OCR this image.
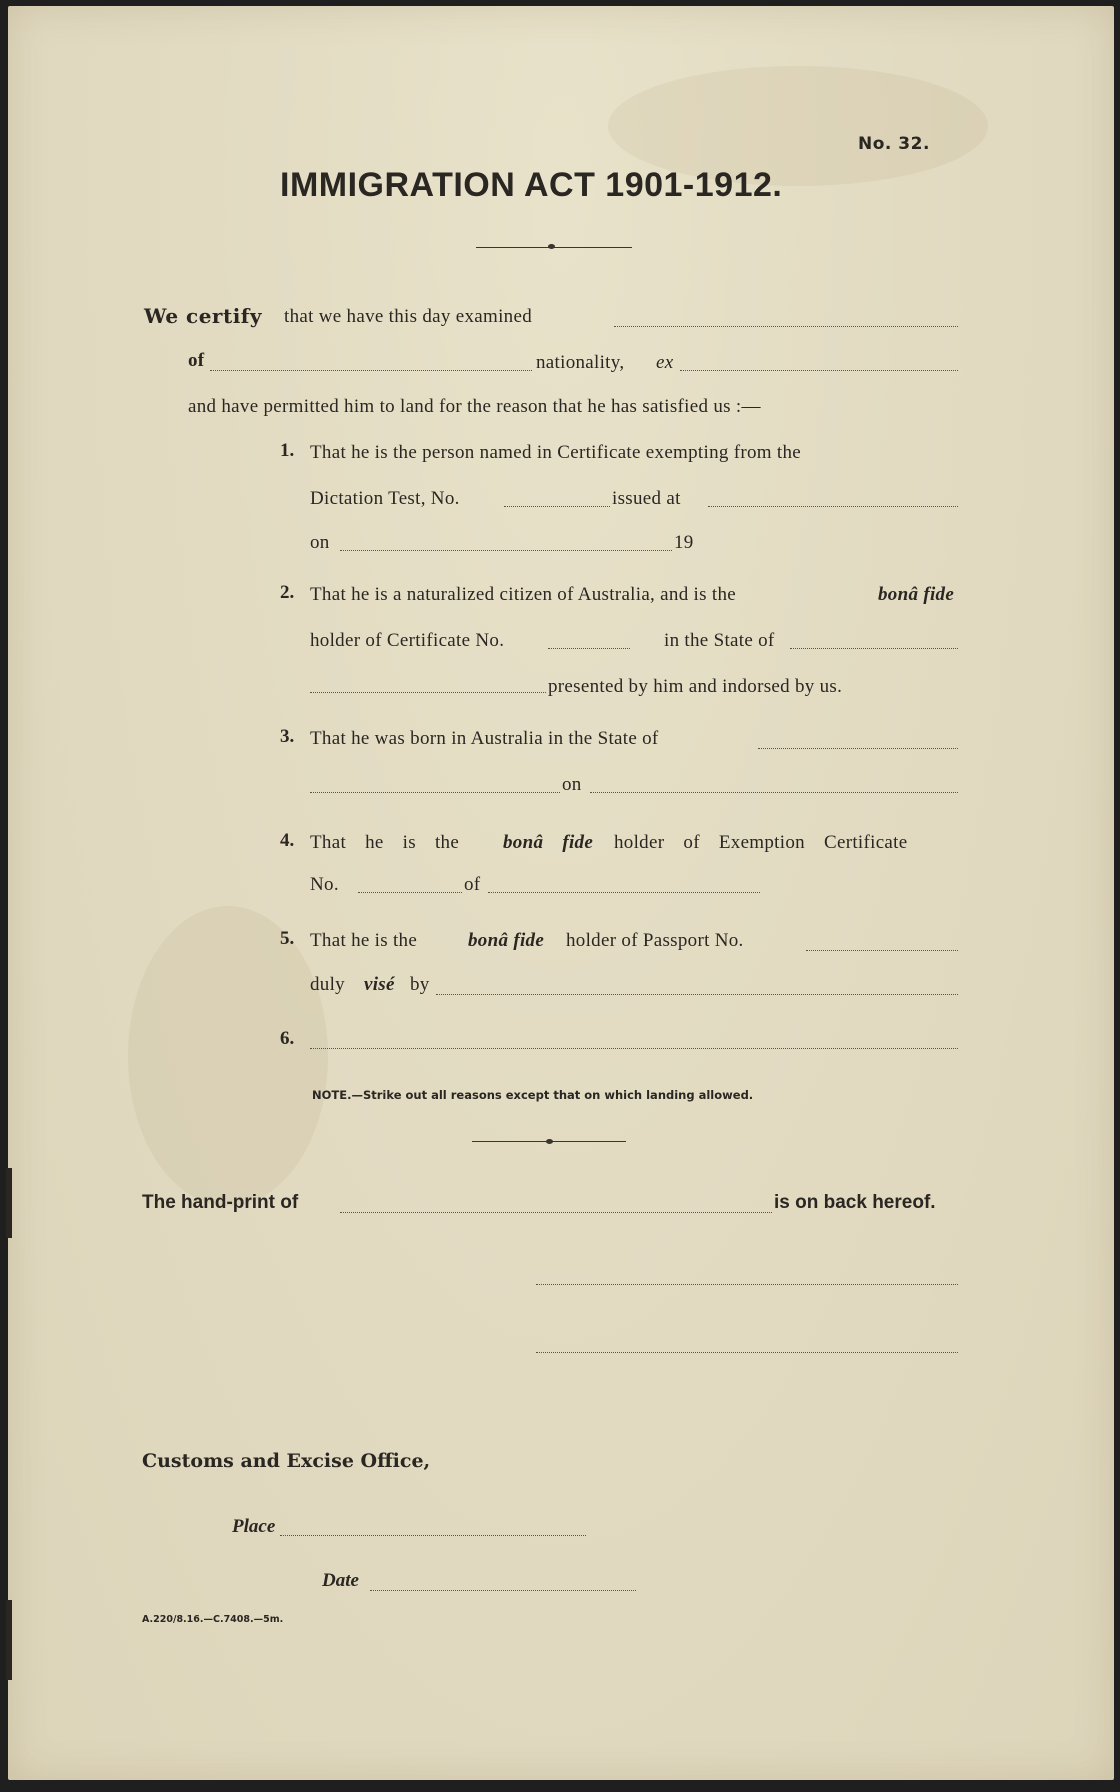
No. 32.
IMMIGRATION ACT 1901-1912.
We certify that we have this day examined
of	nationality, ex
and have permitted him to land for the reason that he has satisfied us :—
1. That he is the person named in Certificate exempting from the
Dictation Test, No.	issued at
on	19
2. That he is a naturalized citizen of Australia, and is the	bonâ fide
holder of Certificate No.	in the State of
presented by him and indorsed by us.
3. That he was born in Australia in the State of
on
4. That he is the bonâ fide holder of Exemption Certificate
No.	of
5. That he is the	bonâ fide holder of Passport No.
duly visé by
6.
NOTE.—Strike out all reasons except that on which landing allowed.
The hand-print of	is on back hereof.
Customs and Excise Office,
Place
Date
A.220/8.16.—C.7408.—5m.
